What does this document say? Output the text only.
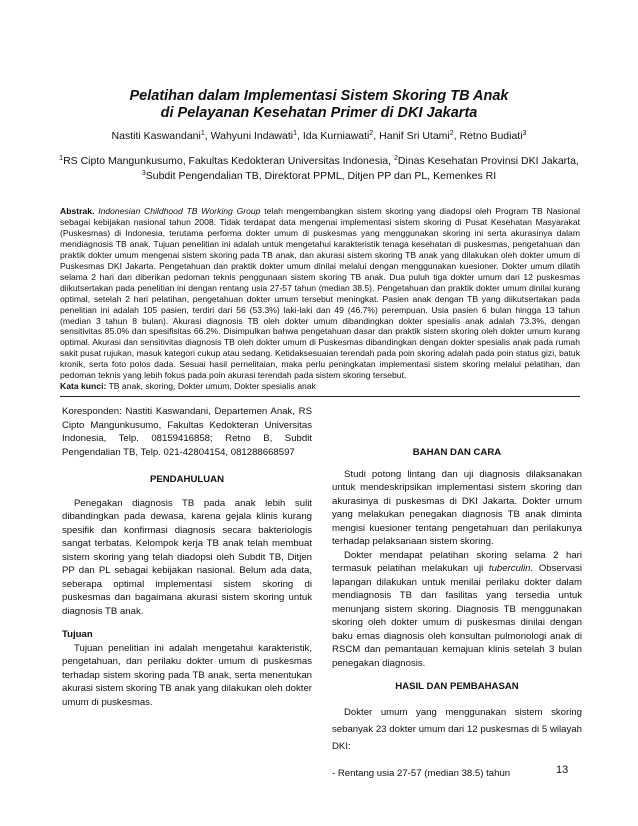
Pelatihan dalam Implementasi Sistem Skoring TB Anak
di Pelayanan Kesehatan Primer di DKI Jakarta
Nastiti Kaswandani$^1$, Wahyuni Indawati$^1$, Ida Kurniawati$^2$, Hanif Sri Utami$^2$, Retno Budiati$^3$
$^1$RS Cipto Mangunkusumo, Fakultas Kedokteran Universitas Indonesia, $^2$Dinas Kesehatan Provinsi DKI Jakarta,
$^3$Subdit Pengendalian TB, Direktorat PPML, Ditjen PP dan PL, Kemenkes RI
Abstrak. Indonesian Childhood TB Working Group telah mengembangkan sistem skoring yang diadopsi oleh Program TB Nasional sebagai kebijakan nasional tahun 2008. Tidak terdapat data mengenai implementasi sistem skoring di Pusat Kesehatan Masyarakat (Puskesmas) di Indonesia, terutama performa dokter umum di puskesmas yang menggunakan skoring ini serta akurasinya dalam mendiagnosis TB anak. Tujuan penelitian ini adalah untuk mengetahui karakteristik tenaga kesehatan di puskesmas, pengetahuan dan praktik dokter umum mengenai sistem skoring pada TB anak, dan akurasi sistem skoring TB anak yang dilakukan oleh dokter umum di Puskesmas DKI Jakarta. Pengetahuan dan praktik dokter umum dinilai melalui dengan menggunakan kuesioner. Dokter umum dilatih selama 2 hari dan diberikan pedoman teknis penggunaan sistem skoring TB anak. Dua puluh tiga dokter umum dari 12 puskesmas diikutsertakan pada penelitian ini dengan rentang usia 27-57 tahun (median 38.5). Pengetahuan dan praktik dokter umum dinilai kurang optimal, setelah 2 hari pelatihan, pengetahuan dokter umum tersebut meningkat. Pasien anak dengan TB yang diikutsertakan pada penelitian ini adalah 105 pasien, terdiri dari 56 (53.3%) laki-laki dan 49 (46.7%) perempuan. Usia pasien 6 bulan hingga 13 tahun (median 3 tahun 8 bulan). Akurasi diagnosis TB oleh dokter umum dibandingkan dokter spesialis anak adalah 73.3%, dengan sensitivitas 85.0% dan spesifisitas 66.2%. Disimpulkan bahwa pengetahuan dasar dan praktik sistem skoring oleh dokter umum kurang optimal. Akurasi dan sensitivitas diagnosis TB oleh dokter umum di Puskesmas dibandingkan dengan dokter spesialis anak pada rumah sakit pusat rujukan, masuk kategori cukup atau sedang. Ketidaksesuaian terendah pada poin skoring adalah pada poin status gizi, batuk kronik, serta foto polos dada. Sesuai hasil pernelitaian, maka perlu peningkatan implementasi sistem skoring melalui pelatihan, dan pedoman teknis yang lebih fokus pada poin akurasi terendah pada sistem skoring tersebut.
Kata kunci: TB anak, skoring, Dokter umum, Dokter spesialis anak

Koresponden: Nastiti Kaswandani, Departemen Anak, RS Cipto Mangunkusumo, Fakultas Kedokteran Universitas Indonesia, Telp. 08159416858; Retno B, Subdit Pengendalian TB, Telp. 021-42804154, 081288668597

PENDAHULUAN

Penegakan diagnosis TB pada anak lebih sulit dibandingkan pada dewasa, karena gejala klinis kurang spesifik dan konfirmasi diagnosis secara bakteriologis sangat terbatas. Kelompok kerja TB anak telah membuat sistem skoring yang telah diadopsi oleh Subdit TB, Ditjen PP dan PL sebagai kebijakan nasional. Belum ada data, seberapa optimal implementasi sistem skoring di puskesmas dan bagaimana akurasi sistem skoring untuk diagnosis TB anak.

Tujuan

Tujuan penelitian ini adalah mengetahui karakteristik, pengetahuan, dan perilaku dokter umum di puskesmas terhadap sistem skoring pada TB anak, serta menentukan akurasi sistem skoring TB anak yang dilakukan oleh dokter umum di puskesmas.

BAHAN DAN CARA

Studi potong lintang dan uji diagnosis dilaksanakan untuk mendeskripsikan implementasi sistem skoring dan akurasinya di puskesmas di DKI Jakarta. Dokter umum yang melakukan penegakan diagnosis TB anak diminta mengisi kuesioner tentang pengetahuan dan perilakunya terhadap pelaksanaan sistem skoring.

Dokter mendapat pelatihan skoring selama 2 hari termasuk pelatihan melakukan uji tuberculin. Observasi lapangan dilakukan untuk menilai perilaku dokter dalam mendiagnosis TB dan fasilitas yang tersedia untuk menunjang sistem skoring. Diagnosis TB menggunakan skoring oleh dokter umum di puskesmas dinilai dengan baku emas diagnosis oleh konsultan pulmonologi anak di RSCM dan pemantauan kemajuan klinis setelah 3 bulan penegakan diagnosis.

HASIL DAN PEMBAHASAN

Dokter umum yang menggunakan sistem skoring sebanyak 23 dokter umum dari 12 puskesmas di 5 wilayah DKI:

- Rentang usia 27-57 (median 38.5) tahun	13
